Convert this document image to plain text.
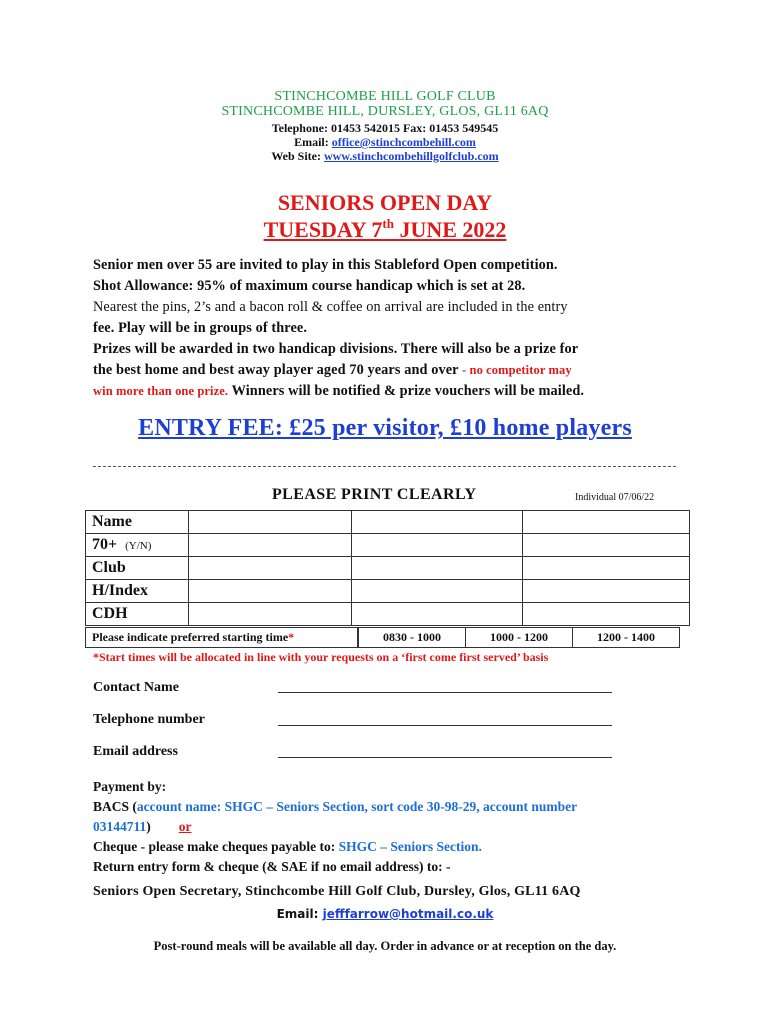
STINCHCOMBE HILL GOLF CLUB
STINCHCOMBE HILL, DURSLEY, GLOS, GL11 6AQ
Telephone: 01453 542015 Fax: 01453 549545
Email: office@stinchcombehill.com
Web Site: www.stinchcombehillgolfclub.com
SENIORS OPEN DAY
TUESDAY 7th JUNE 2022
Senior men over 55 are invited to play in this Stableford Open competition.
Shot Allowance: 95% of maximum course handicap which is set at 28.
Nearest the pins, 2’s and a bacon roll & coffee on arrival are included in the entry
fee. Play will be in groups of three.
Prizes will be awarded in two handicap divisions. There will also be a prize for
the best home and best away player aged 70 years and over - no competitor may
win more than one prize. Winners will be notified & prize vouchers will be mailed.
ENTRY FEE: £25 per visitor, £10 home players
PLEASE PRINT CLEARLY	Individual 07/06/22
Name			
70+ (Y/N)			
Club			
H/Index			
CDH			
Please indicate preferred starting time*	0830 - 1000	1000 - 1200	1200 - 1400
*Start times will be allocated in line with your requests on a ‘first come first served’ basis
Contact Name
Telephone number
Email address
Payment by:
BACS (account name: SHGC – Seniors Section, sort code 30-98-29, account number
03144711) or
Cheque - please make cheques payable to: SHGC – Seniors Section.
Return entry form & cheque (& SAE if no email address) to: -
Seniors Open Secretary, Stinchcombe Hill Golf Club, Dursley, Glos, GL11 6AQ
Email: jefffarrow@hotmail.co.uk
Post-round meals will be available all day. Order in advance or at reception on the day.
